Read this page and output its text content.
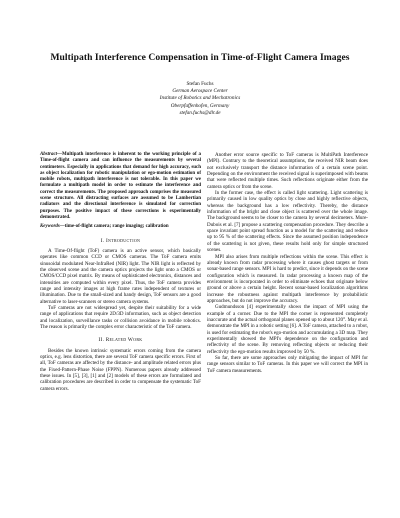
Multipath Interference Compensation in Time-of-Flight Camera Images
Stefan Fuchs
German Aerospace Center
Institute of Robotics and Mechatronics
Oberpfaffenhofen, Germany
stefan.fuchs@dlr.de
Abstract—Multipath interference is inherent to the working principle of a Time-of-flight camera and can influence the measurements by several centimeters. Especially in applications that demand for high accuracy, such as object localization for robotic manipulation or ego-motion estimation of mobile robots, multipath interference is not tolerable. In this paper we formulate a multipath model in order to estimate the interference and correct the measurements. The proposed approach comprises the measured scene structure. All distracting surfaces are assumed to be Lambertian radiators and the directional interference is simulated for correction purposes. The positive impact of these corrections is experimentally demonstrated.
Keywords—time-of-flight camera; range imaging; calibration
I. Introduction

A Time-Of-flight (ToF) camera is an active sensor, which basically operates like common CCD or CMOS cameras. The ToF camera emits sinusoidal modulated Near-InfraRed (NIR) light. The NIR light is reflected by the observed scene and the camera optics projects the light onto a CMOS or CMOS/CCD pixel matrix. By means of sophisticated electronics, distances and intensities are computed within every pixel. Thus, the ToF camera provides range and intensity images at high frame rates independent of textures or illumination. Due to the small-sized and handy design, ToF sensors are a good alternative to laser-scanners or stereo camera systems.

ToF cameras are not widespread yet, despite their suitability for a wide range of applications that require 2D/3D information, such as object detection and localization, surveillance tasks or collision avoidance in mobile robotics. The reason is primarily the complex error characteristic of the ToF camera.

II. Related Work

Besides the known intrinsic systematic errors coming from the camera optics, e.g. lens distortion, there are several ToF camera specific errors. First of all, ToF cameras are affected by the distance- and amplitude related errors plus the Fixed-Pattern-Phase Noise (FPPN). Numerous papers already addressed these issues. In [5], [3], [1] and [2] models of these errors are formulated and calibration procedures are described in order to compensate the systematic ToF camera errors.

Another error source specific to ToF cameras is MultiPath Interference (MPI). Contrary to the theoretical assumptions, the received NIR beam does not exclusively transport the distance information of a certain scene point. Depending on the environment the received signal is superimposed with beams that were reflected multiple times. Such reflections originate either from the camera optics or from the scene.

In the former case, the effect is called light scattering. Light scattering is primarily caused in low quality optics by close and highly reflective objects, whereas the background has a low reflectivity. Thereby, the distance information of the bright and close object is scattered over the whole image. The background seems to be closer to the camera by several decimeters. Mure-Dubois et al. [7] propose a scattering compensation procedure. They describe a space invariant point spread function as a model for the scattering and reduce up to 95 % of the scattering effects. Since the assumed position independence of the scattering is not given, these results hold only for simple structured scenes.

MPI also arises from multiple reflections within the scene. This effect is already known from radar processing where it causes ghost targets or from sonar-based range sensors. MPI is hard to predict, since it depends on the scene configuration which is measured. In radar processing a known map of the environment is incorporated in order to eliminate echoes that originate below ground or above a certain height. Recent sonar-based localization algorithms increase the robustness against multipath interference by probabilistic approaches, but do not improve the accuracy.

Gudmundsson [4] experimentally shows the impact of MPI using the example of a corner. Due to the MPI the corner is represented completely inaccurate and the actual orthogonal planes opened up to about 120°. May et al. demonstrate the MPI in a robotic setting [6]. A ToF camera, attached to a robot, is used for estimating the robot's ego-motion and accumulating a 3D map. They experimentally showed the MPI's dependence on the configuration and reflectivity of the scene. By removing reflecting objects or reducing their reflectivity the ego-motion results improved by 50 %.

So far, there are some approaches only mitigating the impact of MPI for range sensors similar to ToF cameras. In this paper we will correct the MPI in ToF camera measurements.
